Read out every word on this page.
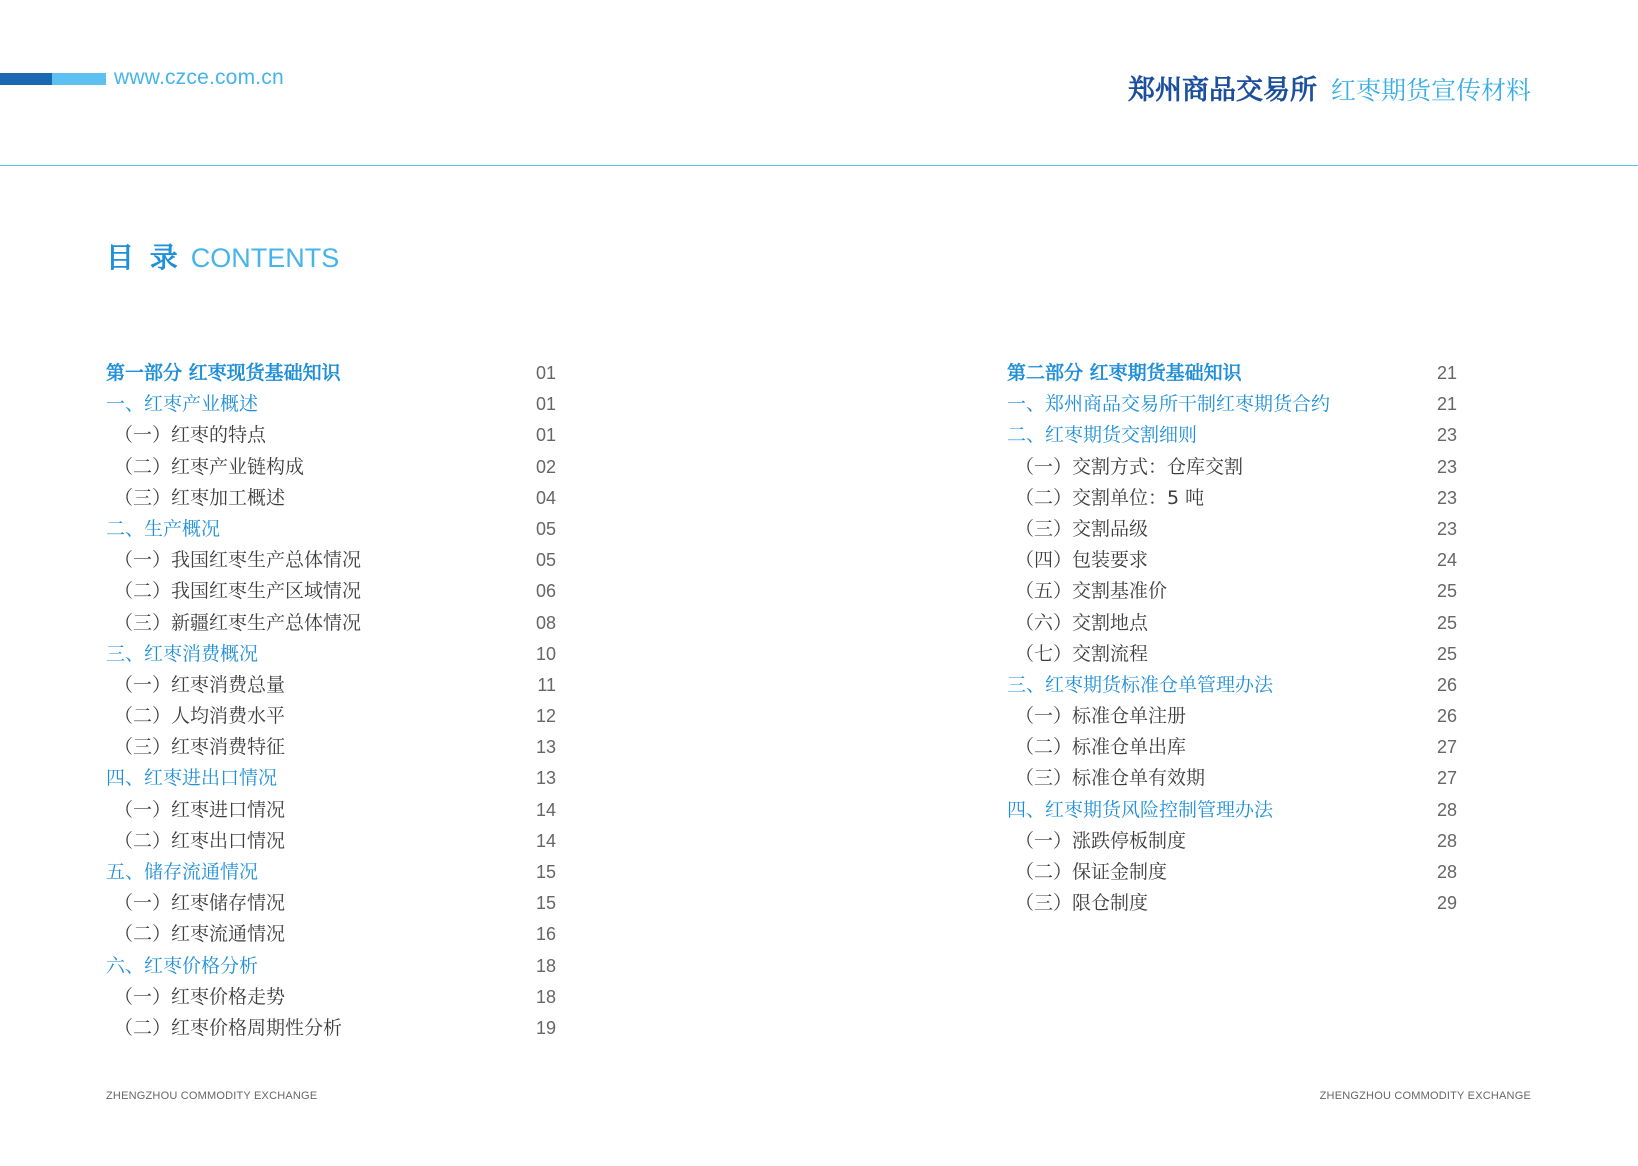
www.czce.com.cn	郑州商品交易所 红枣期货宣传材料
目 录 CONTENTS
第一部分 红枣现货基础知识	01
一、红枣产业概述	01
（一）红枣的特点	01
（二）红枣产业链构成	02
（三）红枣加工概述	04
二、生产概况	05
（一）我国红枣生产总体情况	05
（二）我国红枣生产区域情况	06
（三）新疆红枣生产总体情况	08
三、红枣消费概况	10
（一）红枣消费总量	11
（二）人均消费水平	12
（三）红枣消费特征	13
四、红枣进出口情况	13
（一）红枣进口情况	14
（二）红枣出口情况	14
五、储存流通情况	15
（一）红枣储存情况	15
（二）红枣流通情况	16
六、红枣价格分析	18
（一）红枣价格走势	18
（二）红枣价格周期性分析	19
第二部分 红枣期货基础知识	21
一、郑州商品交易所干制红枣期货合约	21
二、红枣期货交割细则	23
（一）交割方式：仓库交割	23
（二）交割单位：5 吨	23
（三）交割品级	23
（四）包装要求	24
（五）交割基准价	25
（六）交割地点	25
（七）交割流程	25
三、红枣期货标准仓单管理办法	26
（一）标准仓单注册	26
（二）标准仓单出库	27
（三）标准仓单有效期	27
四、红枣期货风险控制管理办法	28
（一）涨跌停板制度	28
（二）保证金制度	28
（三）限仓制度	29
ZHENGZHOU COMMODITY EXCHANGE	ZHENGZHOU COMMODITY EXCHANGE
